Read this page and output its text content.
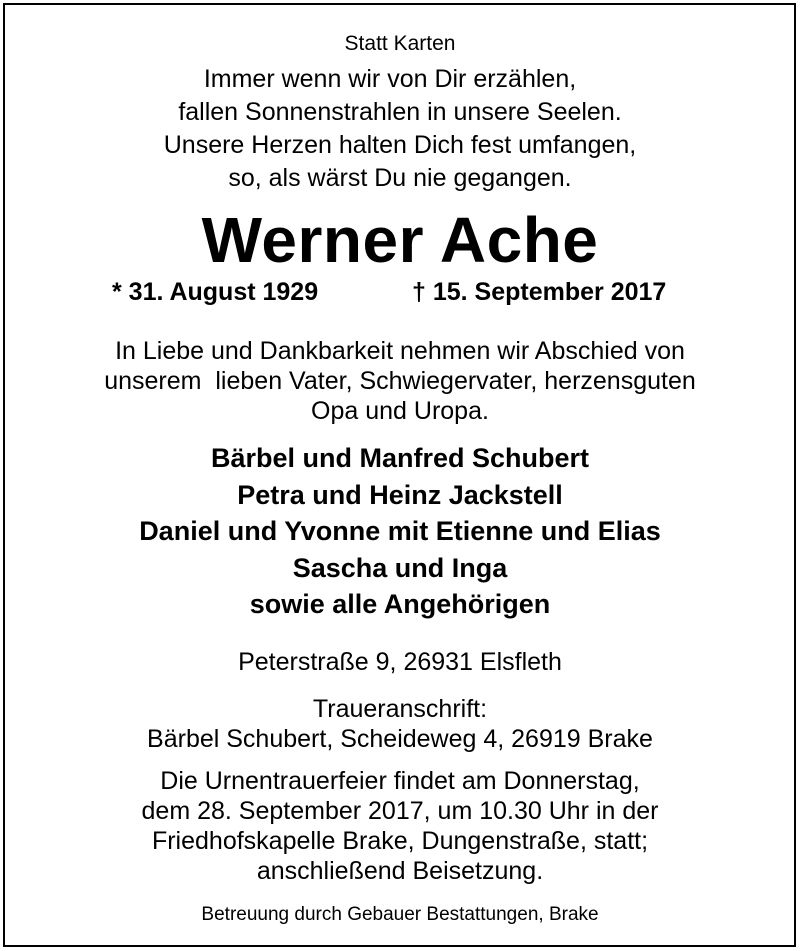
Statt Karten
Immer wenn wir von Dir erzählen,
fallen Sonnenstrahlen in unsere Seelen.
Unsere Herzen halten Dich fest umfangen,
so, als wärst Du nie gegangen.
Werner Ache
* 31. August 1929	† 15. September 2017
In Liebe und Dankbarkeit nehmen wir Abschied von
unserem  lieben Vater, Schwiegervater, herzensguten
Opa und Uropa.
Bärbel und Manfred Schubert
Petra und Heinz Jackstell
Daniel und Yvonne mit Etienne und Elias
Sascha und Inga
sowie alle Angehörigen
Peterstraße 9, 26931 Elsfleth
Traueranschrift:
Bärbel Schubert, Scheideweg 4, 26919 Brake
Die Urnentrauerfeier findet am Donnerstag,
dem 28. September 2017, um 10.30 Uhr in der
Friedhofskapelle Brake, Dungenstraße, statt;
anschließend Beisetzung.
Betreuung durch Gebauer Bestattungen, Brake
